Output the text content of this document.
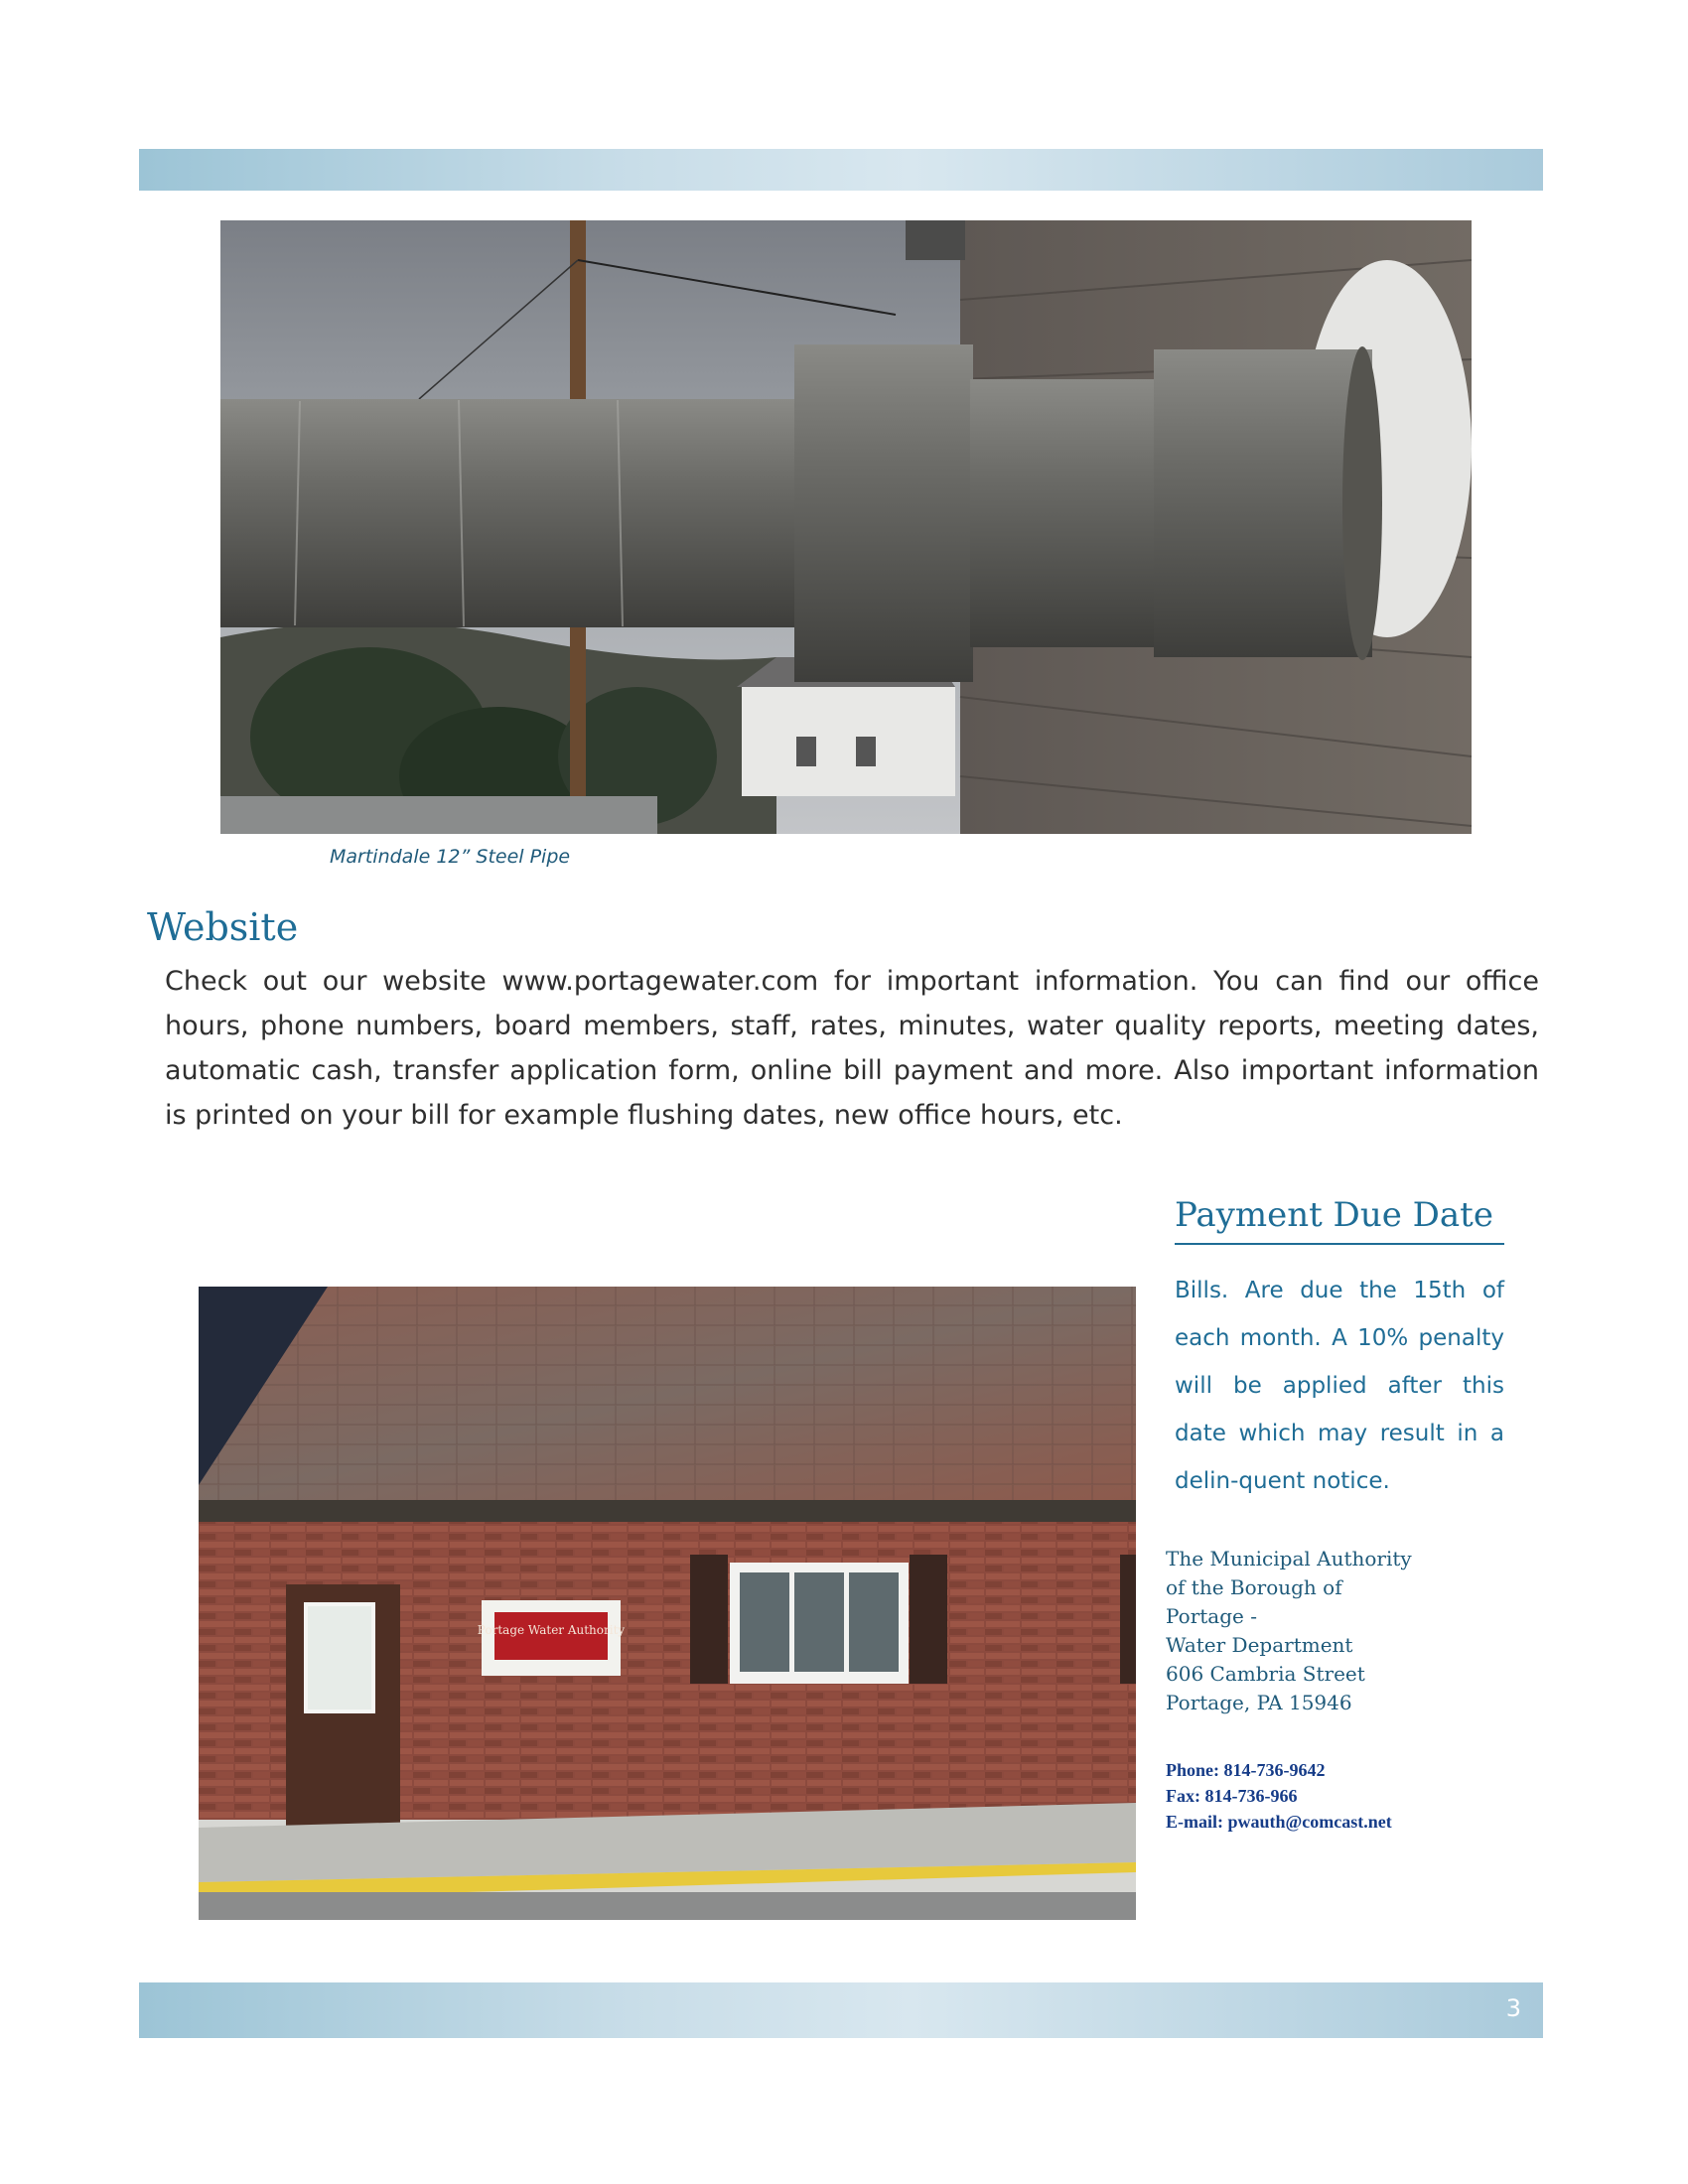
Martindale 12” Steel Pipe
Website

Check out our website www.portagewater.com for important information. You can find our office hours, phone numbers, board members, staff, rates, minutes, water quality reports, meeting dates, automatic cash, transfer application form, online bill payment and more. Also important information is printed on your bill for example flushing dates, new office hours, etc.

Payment Due Date

Bills. Are due the 15th of each month. A 10% penalty will be applied after this date which may result in a delin-quent notice.

Portage Water Authority
The Municipal Authority
of the Borough of
Portage -
Water Department
606 Cambria Street
Portage, PA 15946
Phone: 814-736-9642
Fax: 814-736-966
E-mail: pwauth@comcast.net
3
